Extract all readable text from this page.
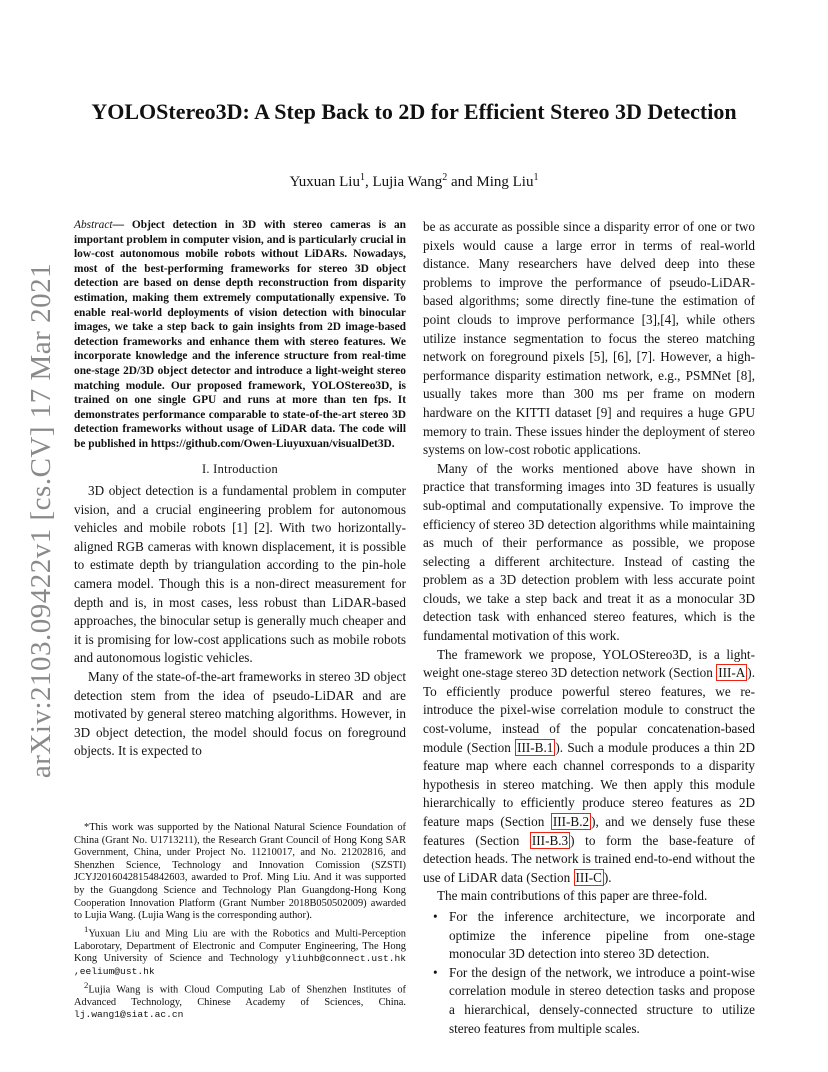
arXiv:2103.09422v1 [cs.CV] 17 Mar 2021
YOLOStereo3D: A Step Back to 2D for Efficient Stereo 3D Detection
Yuxuan Liu$^1$, Lujia Wang$^2$ and Ming Liu$^1$

Abstract— Object detection in 3D with stereo cameras is an important problem in computer vision, and is particularly crucial in low-cost autonomous mobile robots without LiDARs. Nowadays, most of the best-performing frameworks for stereo 3D object detection are based on dense depth reconstruction from disparity estimation, making them extremely computationally expensive. To enable real-world deployments of vision detection with binocular images, we take a step back to gain insights from 2D image-based detection frameworks and enhance them with stereo features. We incorporate knowledge and the inference structure from real-time one-stage 2D/3D object detector and introduce a light-weight stereo matching module. Our proposed framework, YOLOStereo3D, is trained on one single GPU and runs at more than ten fps. It demonstrates performance comparable to state-of-the-art stereo 3D detection frameworks without usage of LiDAR data. The code will be published in https://github.com/Owen-Liuyuxuan/visualDet3D.

I. Introduction

3D object detection is a fundamental problem in computer vision, and a crucial engineering problem for autonomous vehicles and mobile robots [1] [2]. With two horizontally-aligned RGB cameras with known displacement, it is possible to estimate depth by triangulation according to the pin-hole camera model. Though this is a non-direct measurement for depth and is, in most cases, less robust than LiDAR-based approaches, the binocular setup is generally much cheaper and it is promising for low-cost applications such as mobile robots and autonomous logistic vehicles.

Many of the state-of-the-art frameworks in stereo 3D object detection stem from the idea of pseudo-LiDAR and are motivated by general stereo matching algorithms. However, in 3D object detection, the model should focus on foreground objects. It is expected to

*This work was supported by the National Natural Science Foundation of China (Grant No. U1713211), the Research Grant Council of Hong Kong SAR Government, China, under Project No. 11210017, and No. 21202816, and Shenzhen Science, Technology and Innovation Comission (SZSTI) JCYJ20160428154842603, awarded to Prof. Ming Liu. And it was supported by the Guangdong Science and Technology Plan Guangdong-Hong Kong Cooperation Innovation Platform (Grant Number 2018B050502009) awarded to Lujia Wang. (Lujia Wang is the corresponding author).

$^1$Yuxuan Liu and Ming Liu are with the Robotics and Multi-Perception Laborotary, Department of Electronic and Computer Engineering, The Hong Kong University of Science and Technology yliuhb@connect.ust.hk ,eelium@ust.hk

$^2$Lujia Wang is with Cloud Computing Lab of Shenzhen Institutes of Advanced Technology, Chinese Academy of Sciences, China. lj.wang1@siat.ac.cn

be as accurate as possible since a disparity error of one or two pixels would cause a large error in terms of real-world distance. Many researchers have delved deep into these problems to improve the performance of pseudo-LiDAR-based algorithms; some directly fine-tune the estimation of point clouds to improve performance [3],[4], while others utilize instance segmentation to focus the stereo matching network on foreground pixels [5], [6], [7]. However, a high-performance disparity estimation network, e.g., PSMNet [8], usually takes more than 300 ms per frame on modern hardware on the KITTI dataset [9] and requires a huge GPU memory to train. These issues hinder the deployment of stereo systems on low-cost robotic applications.

Many of the works mentioned above have shown in practice that transforming images into 3D features is usually sub-optimal and computationally expensive. To improve the efficiency of stereo 3D detection algorithms while maintaining as much of their performance as possible, we propose selecting a different architecture. Instead of casting the problem as a 3D detection problem with less accurate point clouds, we take a step back and treat it as a monocular 3D detection task with enhanced stereo features, which is the fundamental motivation of this work.

The framework we propose, YOLOStereo3D, is a light-weight one-stage stereo 3D detection network (Section III-A ). To efficiently produce powerful stereo features, we re-introduce the pixel-wise correlation module to construct the cost-volume, instead of the popular concatenation-based module (Section III-B.1 ). Such a module produces a thin 2D feature map where each channel corresponds to a disparity hypothesis in stereo matching. We then apply this module hierarchically to efficiently produce stereo features as 2D feature maps (Section III-B.2 ), and we densely fuse these features (Section III-B.3 ) to form the base-feature of detection heads. The network is trained end-to-end without the use of LiDAR data (Section III-C ).

The main contributions of this paper are three-fold.

• For the inference architecture, we incorporate and optimize the inference pipeline from one-stage monocular 3D detection into stereo 3D detection.
• For the design of the network, we introduce a point-wise correlation module in stereo detection tasks and propose a hierarchical, densely-connected structure to utilize stereo features from multiple scales.
